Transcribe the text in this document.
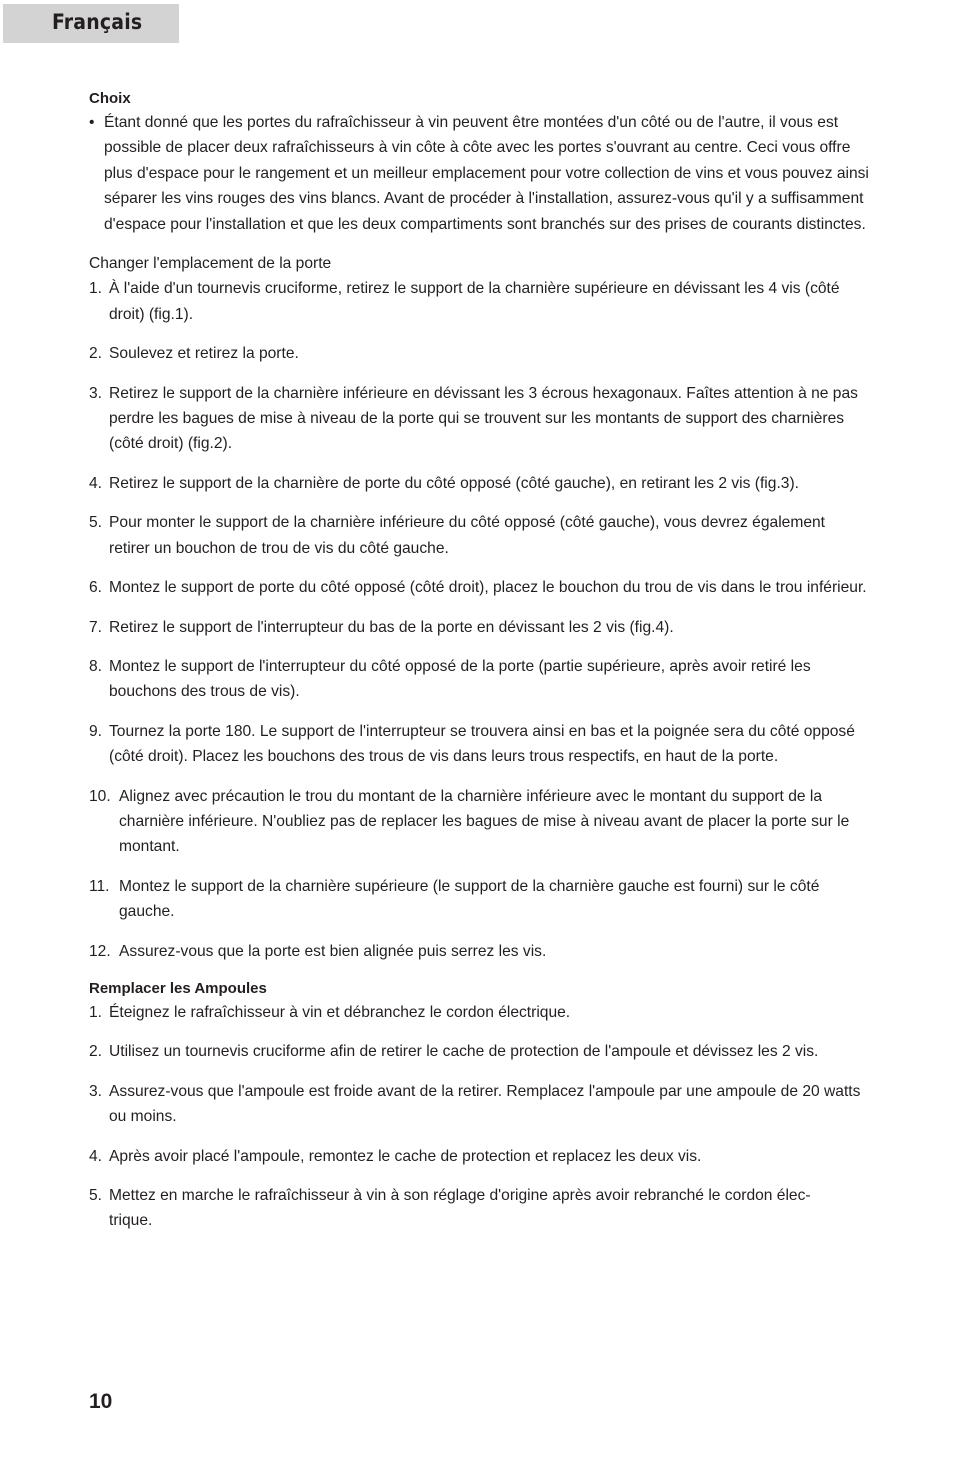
Français
Choix
• Étant donné que les portes du rafraîchisseur à vin peuvent être montées d'un côté ou de l'autre, il vous est possible de placer deux rafraîchisseurs à vin côte à côte avec les portes s'ouvrant au centre. Ceci vous offre plus d'espace pour le rangement et un meilleur emplacement pour votre collection de vins et vous pouvez ainsi séparer les vins rouges des vins blancs. Avant de procéder à l'installation, assurez-vous qu'il y a suffisamment d'espace pour l'installation et que les deux compartiments sont branchés sur des prises de courants distinctes.

Changer l'emplacement de la porte

1. À l'aide d'un tournevis cruciforme, retirez le support de la charnière supérieure en dévissant les 4 vis (côté droit) (fig.1).
2. Soulevez et retirez la porte.
3. Retirez le support de la charnière inférieure en dévissant les 3 écrous hexagonaux. Faîtes attention à ne pas perdre les bagues de mise à niveau de la porte qui se trouvent sur les montants de support des charnières
(côté droit) (fig.2).
4. Retirez le support de la charnière de porte du côté opposé (côté gauche), en retirant les 2 vis (fig.3).
5. Pour monter le support de la charnière inférieure du côté opposé (côté gauche), vous devrez également retirer un bouchon de trou de vis du côté gauche.
6. Montez le support de porte du côté opposé (côté droit), placez le bouchon du trou de vis dans le trou inférieur.
7. Retirez le support de l'interrupteur du bas de la porte en dévissant les 2 vis (fig.4).
8. Montez le support de l'interrupteur du côté opposé de la porte (partie supérieure, après avoir retiré les bouchons des trous de vis).
9. Tournez la porte 180. Le support de l'interrupteur se trouvera ainsi en bas et la poignée sera du côté opposé (côté droit). Placez les bouchons des trous de vis dans leurs trous respectifs, en haut de la porte.
10. Alignez avec précaution le trou du montant de la charnière inférieure avec le montant du support de la charnière inférieure. N'oubliez pas de replacer les bagues de mise à niveau avant de placer la porte sur le montant.
11. Montez le support de la charnière supérieure (le support de la charnière gauche est fourni) sur le côté gauche.
12. Assurez-vous que la porte est bien alignée puis serrez les vis.
Remplacer les Ampoules
1. Éteignez le rafraîchisseur à vin et débranchez le cordon électrique.
2. Utilisez un tournevis cruciforme afin de retirer le cache de protection de l'ampoule et dévissez les 2 vis.
3. Assurez-vous que l'ampoule est froide avant de la retirer. Remplacez l'ampoule par une ampoule de 20 watts ou moins.
4. Après avoir placé l'ampoule, remontez le cache de protection et replacez les deux vis.
5. Mettez en marche le rafraîchisseur à vin à son réglage d'origine après avoir rebranché le cordon élec-
trique.
10
